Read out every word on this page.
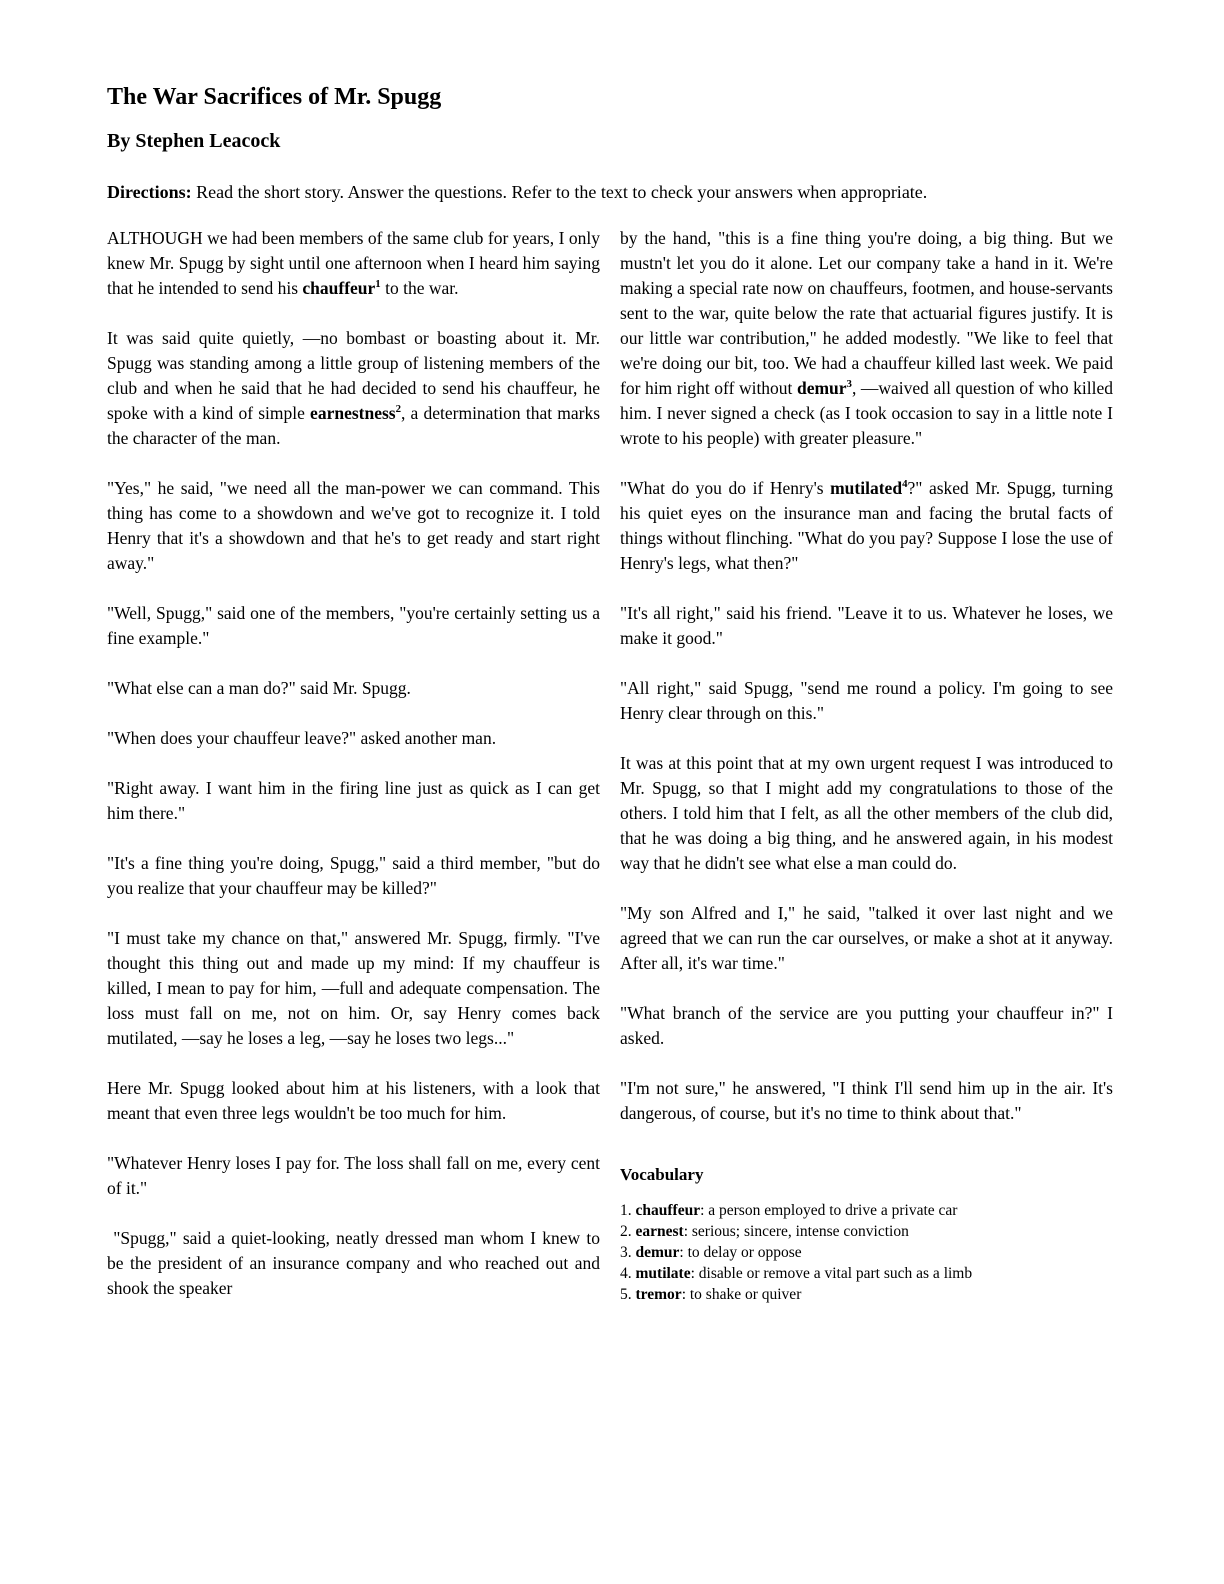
The War Sacrifices of Mr. Spugg
By Stephen Leacock

Directions: Read the short story. Answer the questions. Refer to the text to check your answers when appropriate.

ALTHOUGH we had been members of the same club for years, I only knew Mr. Spugg by sight until one afternoon when I heard him saying that he intended to send his chauffeur$^1$ to the war.

It was said quite quietly, —no bombast or boasting about it. Mr. Spugg was standing among a little group of listening members of the club and when he said that he had decided to send his chauffeur, he spoke with a kind of simple earnestness$^2$, a determination that marks the character of the man.

"Yes," he said, "we need all the man-power we can command. This thing has come to a showdown and we've got to recognize it. I told Henry that it's a showdown and that he's to get ready and start right away."

"Well, Spugg," said one of the members, "you're certainly setting us a fine example."

"What else can a man do?" said Mr. Spugg.

"When does your chauffeur leave?" asked another man.

"Right away. I want him in the firing line just as quick as I can get him there."

"It's a fine thing you're doing, Spugg," said a third member, "but do you realize that your chauffeur may be killed?"

"I must take my chance on that," answered Mr. Spugg, firmly. "I've thought this thing out and made up my mind: If my chauffeur is killed, I mean to pay for him, —full and adequate compensation. The loss must fall on me, not on him. Or, say Henry comes back mutilated, —say he loses a leg, —say he loses two legs..."

Here Mr. Spugg looked about him at his listeners, with a look that meant that even three legs wouldn't be too much for him.

"Whatever Henry loses I pay for. The loss shall fall on me, every cent of it."

"Spugg," said a quiet-looking, neatly dressed man whom I knew to be the president of an insurance company and who reached out and shook the speaker

by the hand, "this is a fine thing you're doing, a big thing. But we mustn't let you do it alone. Let our company take a hand in it. We're making a special rate now on chauffeurs, footmen, and house-servants sent to the war, quite below the rate that actuarial figures justify. It is our little war contribution," he added modestly. "We like to feel that we're doing our bit, too. We had a chauffeur killed last week. We paid for him right off without demur$^3$, —waived all question of who killed him. I never signed a check (as I took occasion to say in a little note I wrote to his people) with greater pleasure."

"What do you do if Henry's mutilated$^4$?" asked Mr. Spugg, turning his quiet eyes on the insurance man and facing the brutal facts of things without flinching. "What do you pay? Suppose I lose the use of Henry's legs, what then?"

"It's all right," said his friend. "Leave it to us. Whatever he loses, we make it good."

"All right," said Spugg, "send me round a policy. I'm going to see Henry clear through on this."

It was at this point that at my own urgent request I was introduced to Mr. Spugg, so that I might add my congratulations to those of the others. I told him that I felt, as all the other members of the club did, that he was doing a big thing, and he answered again, in his modest way that he didn't see what else a man could do.

"My son Alfred and I," he said, "talked it over last night and we agreed that we can run the car ourselves, or make a shot at it anyway. After all, it's war time."

"What branch of the service are you putting your chauffeur in?" I asked.

"I'm not sure," he answered, "I think I'll send him up in the air. It's dangerous, of course, but it's no time to think about that."

Vocabulary

1. chauffeur: a person employed to drive a private car

2. earnest: serious; sincere, intense conviction

3. demur: to delay or oppose

4. mutilate: disable or remove a vital part such as a limb

5. tremor: to shake or quiver
